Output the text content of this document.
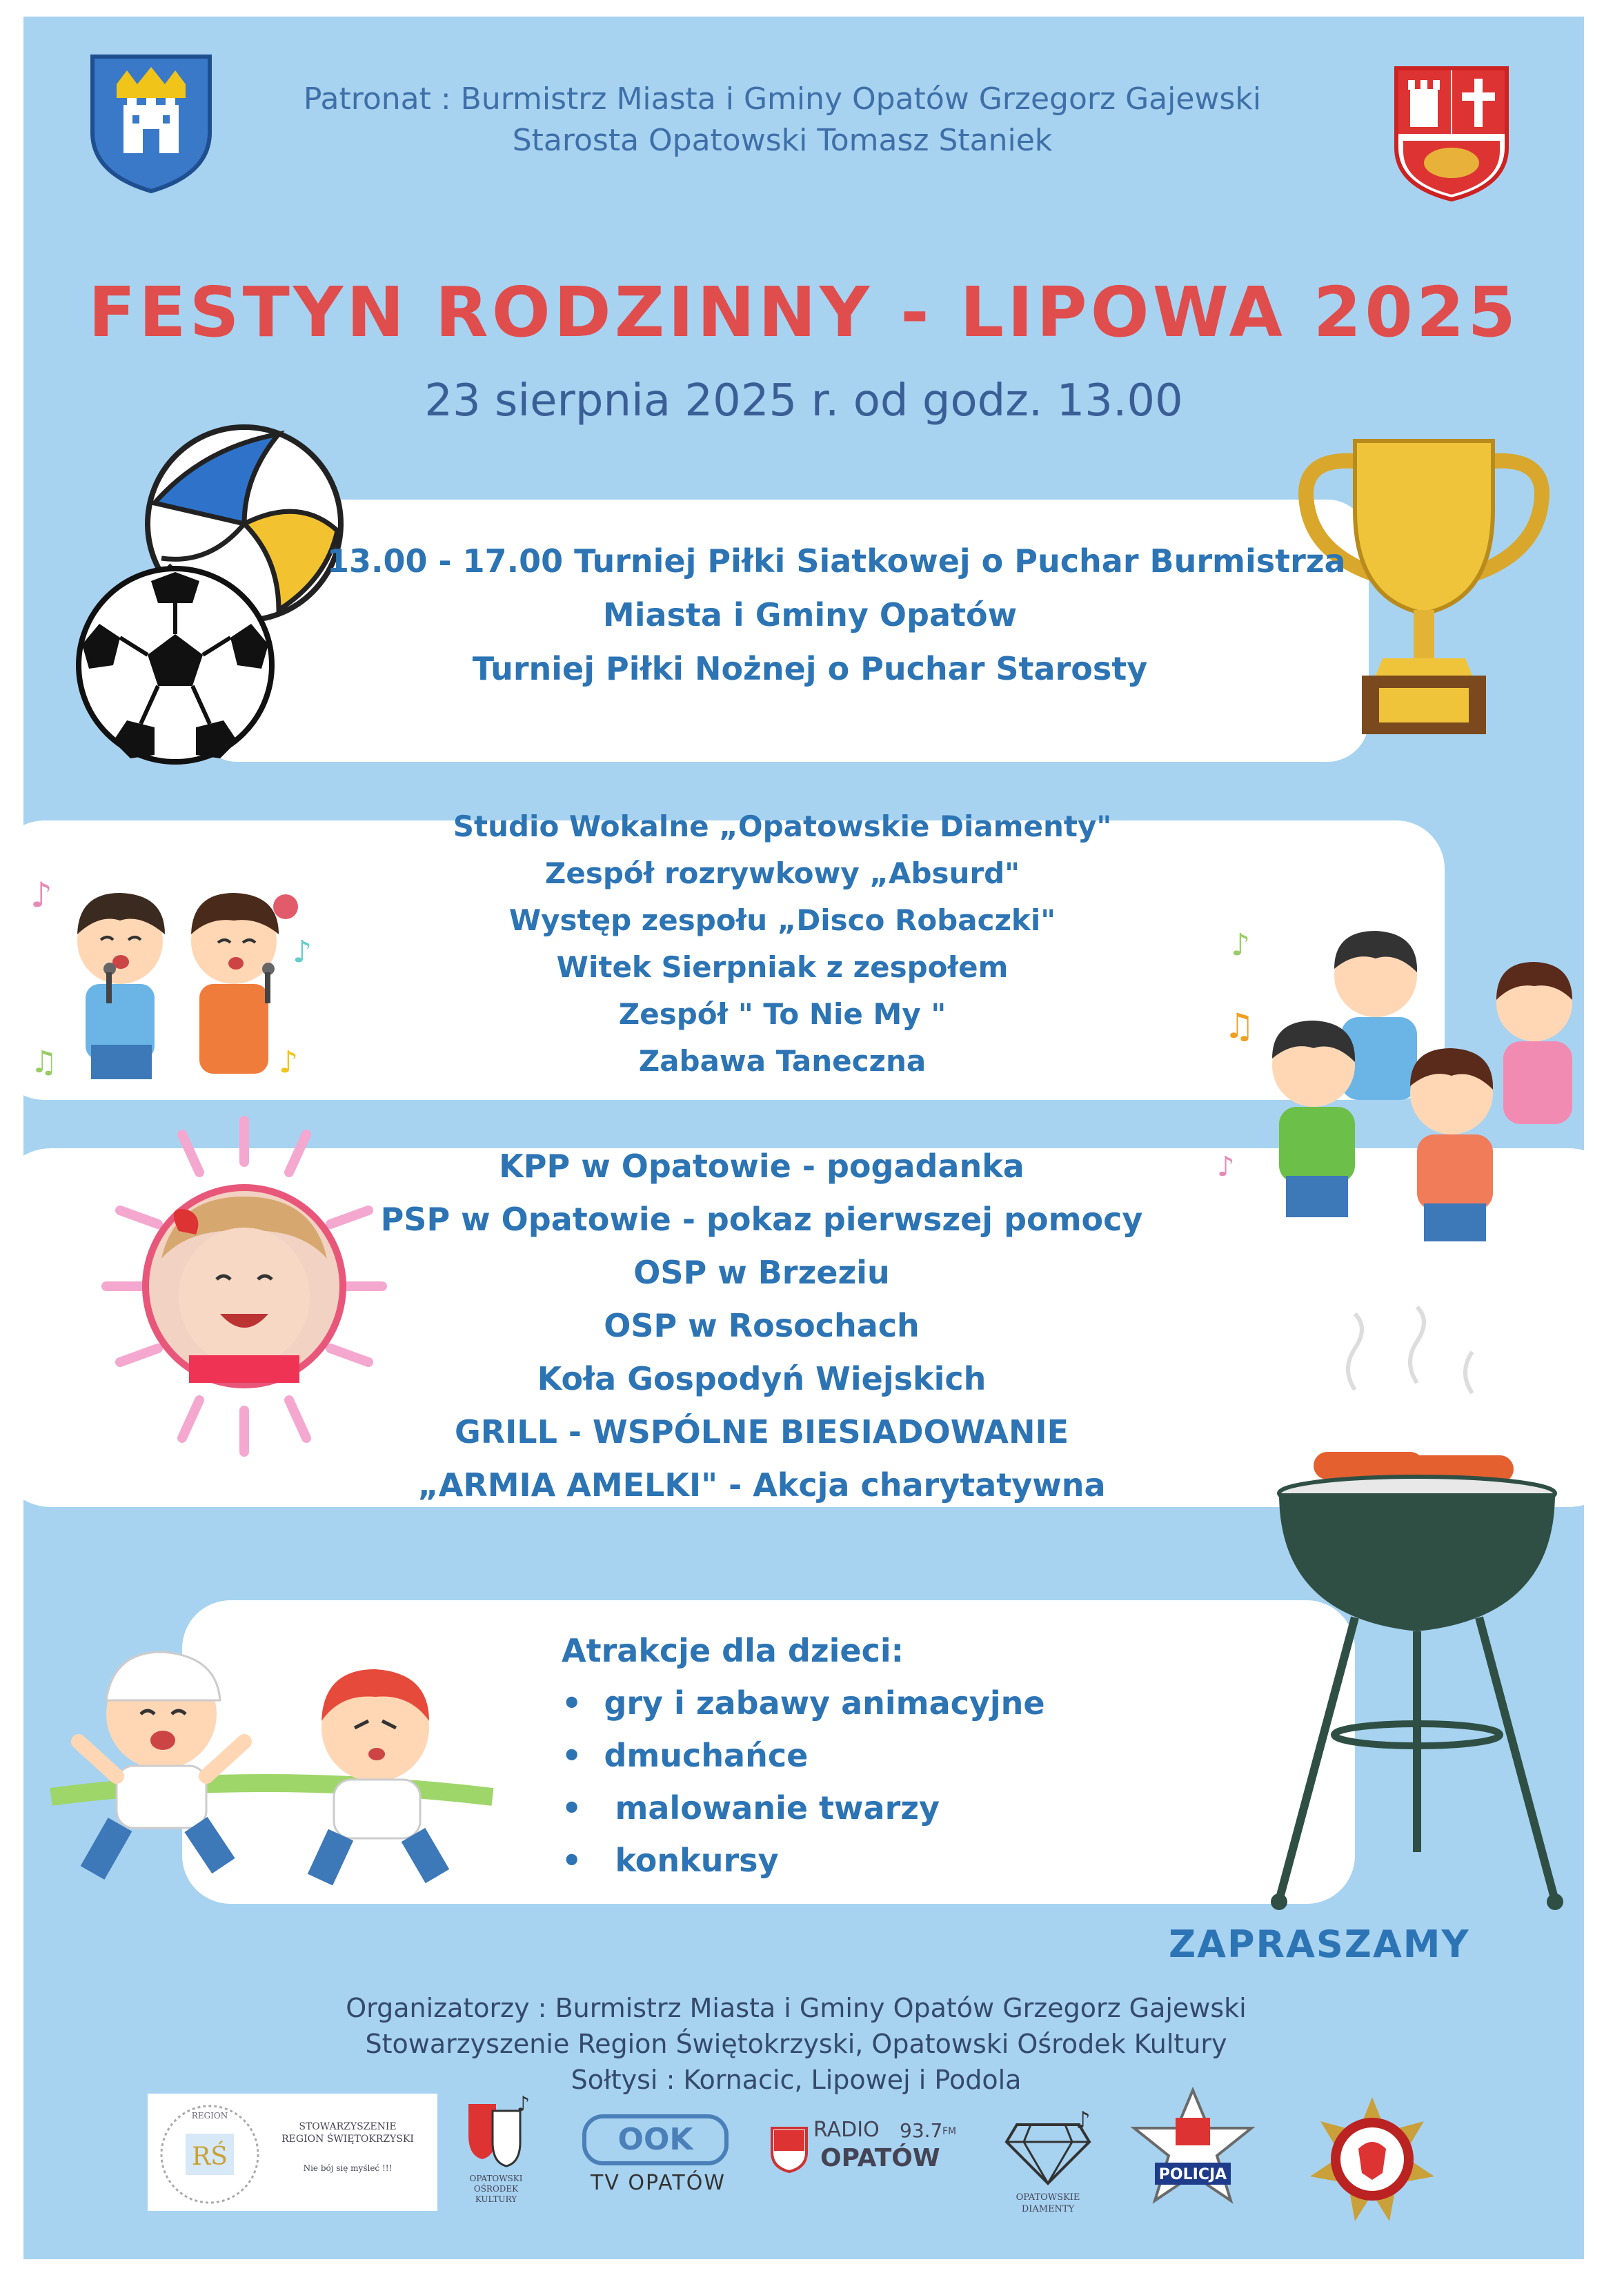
Patronat : Burmistrz Miasta i Gminy Opatów Grzegorz Gajewski
Starosta Opatowski Tomasz Staniek
FESTYN RODZINNY - LIPOWA 2025
23 sierpnia 2025 r. od godz. 13.00
13.00 - 17.00 Turniej Piłki Siatkowej o Puchar Burmistrza
Miasta i Gminy Opatów
Turniej Piłki Nożnej o Puchar Starosty
Studio Wokalne „Opatowskie Diamenty"
Zespół rozrywkowy „Absurd"
Występ zespołu „Disco Robaczki"
Witek Sierpniak z zespołem
Zespół " To Nie My "
Zabawa Taneczna
♪
♪
♫	♪
♪
♫
♪
KPP w Opatowie - pogadanka
PSP w Opatowie - pokaz pierwszej pomocy
OSP w Brzeziu
OSP w Rosochach
Koła Gospodyń Wiejskich
GRILL - WSPÓLNE BIESIADOWANIE
„ARMIA AMELKI" - Akcja charytatywna
Atrakcje dla dzieci:
• gry i zabawy animacyjne
• dmuchańce
• malowanie twarzy
• konkursy
ZAPRASZAMY
Organizatorzy : Burmistrz Miasta i Gminy Opatów Grzegorz Gajewski
Stowarzyszenie Region Świętokrzyski, Opatowski Ośrodek Kultury
Sołtysi : Kornacic, Lipowej i Podola
RŚ
REGION
STOWARZYSZENIE
REGION ŚWIĘTOKRZYSKI
Nie bój się myśleć !!!
♪
OPATOWSKI
OŚRODEK
KULTURY
OOK
TV OPATÓW
RADIO 93.7 FM
OPATÓW
♪
OPATOWSKIE
DIAMENTY
POLICJA
